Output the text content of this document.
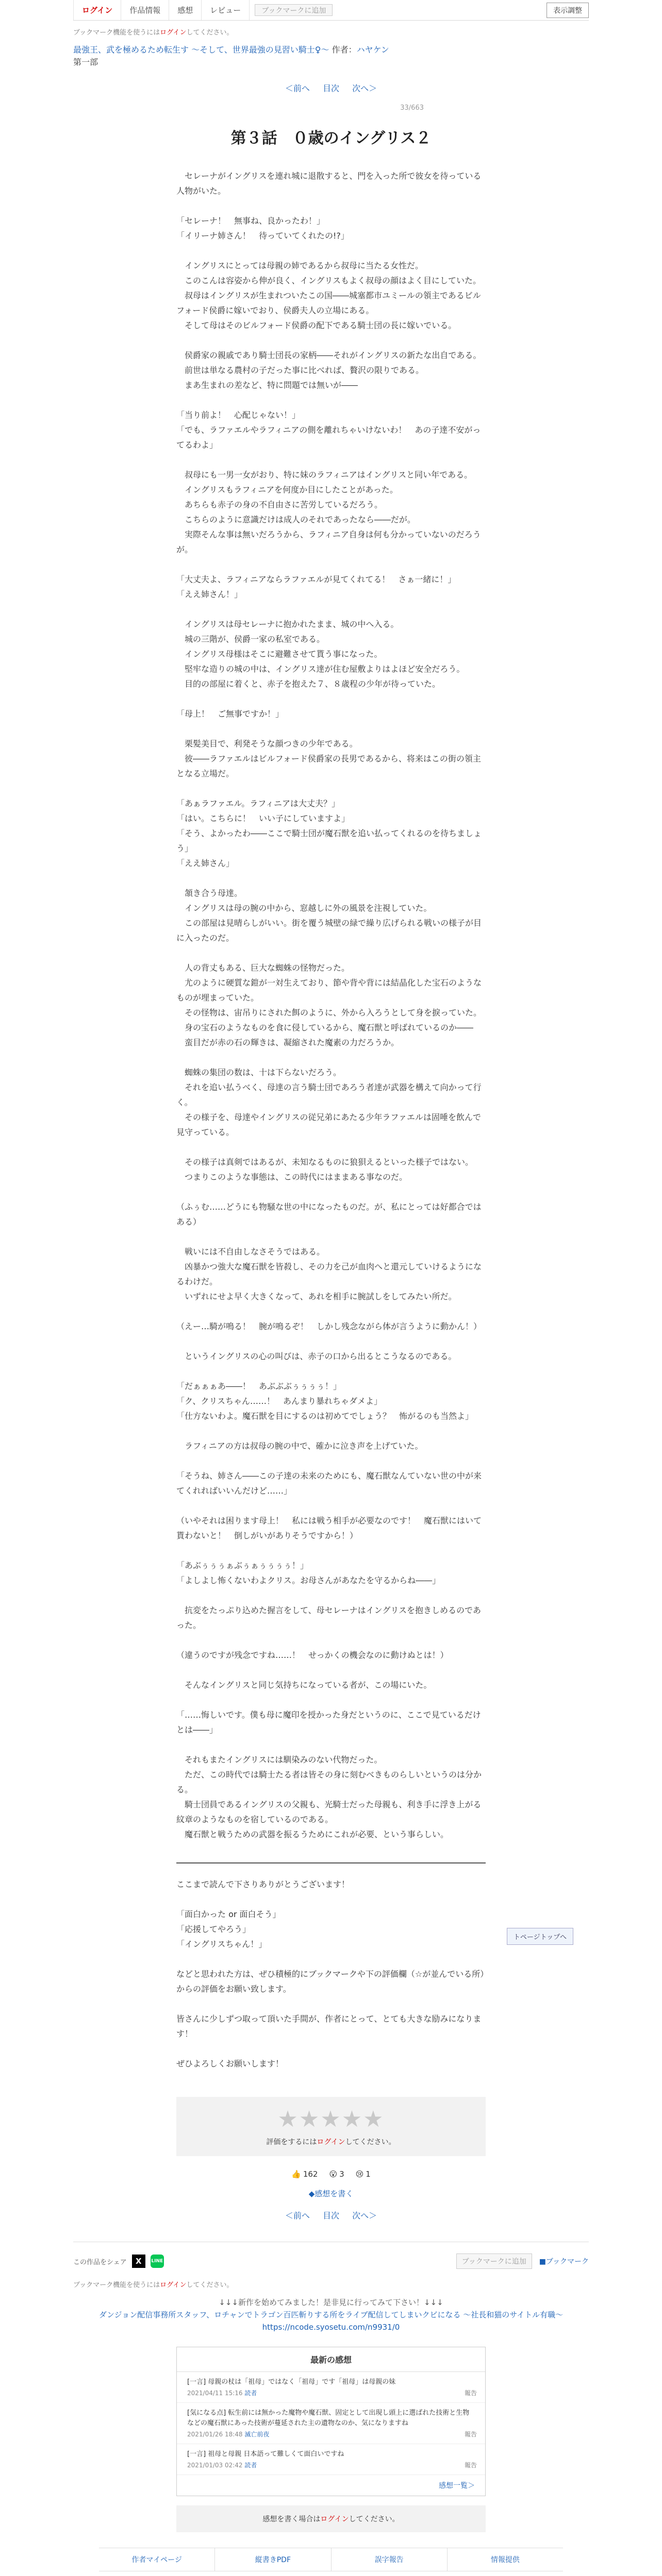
ログイン	作品情報	感想	レビュー	ブックマークに追加	表示調整

ブックマーク機能を使うにはログインしてください。

最強王、武を極めるため転生す ～そして、世界最強の見習い騎士♀～ 作者：ハヤケン
第一部
＜前へ 目次 次へ＞
33/663
第３話　０歳のイングリス２

　セレーナがイングリスを連れ城に退散すると、門を入った所で彼女を待っている人物がいた。

「セレーナ！　無事ね、良かったわ！」

「イリーナ姉さん！　待っていてくれたの!?」

　イングリスにとっては母親の姉であるから叔母に当たる女性だ。

　このこんは容姿から伸が良く、イングリスもよく叔母の顔はよく目にしていた。

　叔母はイングリスが生まれついたこの国――城塞都市ユミールの領主であるビルフォード侯爵に嫁いでおり、侯爵夫人の立場にある。

　そして母はそのビルフォード侯爵の配下である騎士団の長に嫁いでいる。

　侯爵家の親戚であり騎士団長の家柄――それがイングリスの新たな出自である。

　前世は単なる農村の子だった事に比べれば、贅沢の限りである。

　まあ生まれの差など、特に問題では無いが――

「当り前よ！　心配じゃない！」

「でも、ラファエルやラフィニアの側を離れちゃいけないわ！　あの子達不安がってるわよ」

　叔母にも一男一女がおり、特に妹のラフィニアはイングリスと同い年である。

　イングリスもラフィニアを何度か目にしたことがあった。

　あちらも赤子の身の不自由さに苦労しているだろう。

　こちらのように意識だけは成人のそれであったなら――だが。

　実際そんな事は無いだろうから、ラフィニア自身は何も分かっていないのだろうが。

「大丈夫よ、ラフィニアならラファエルが見てくれてる！　さぁ一緒に！」

「ええ姉さん！」

　イングリスは母セレーナに抱かれたまま、城の中へ入る。

　城の三階が、侯爵一家の私室である。

　イングリス母様はそこに避難させて貰う事になった。

　堅牢な造りの城の中は、イングリス達が住む屋敷よりはよほど安全だろう。

　目的の部屋に着くと、赤子を抱えた７、８歳程の少年が待っていた。

「母上！　ご無事ですか！」

　栗髪美目で、利発そうな顔つきの少年である。

　彼――ラファエルはビルフォード侯爵家の長男であるから、将来はこの街の領主となる立場だ。

「あぁラファエル。ラフィニアは大丈夫？」

「はい。こちらに！　いい子にしていますよ」

「そう、よかったわ――ここで騎士団が魔石獣を追い払ってくれるのを待ちましょう」

「ええ姉さん」

　頷き合う母達。

　イングリスは母の腕の中から、窓越しに外の風景を注視していた。

　この部屋は見晴らしがいい。街を覆う城壁の緑で繰り広げられる戦いの様子が目に入ったのだ。

　人の背丈もある、巨大な蜘蛛の怪物だった。

　尤のように硬質な鎧が一対生えており、節や背や背には結晶化した宝石のようなものが埋まっていた。

　その怪物は、宙吊りにされた餌のように、外から入ろうとして身を捩っていた。

　身の宝石のようなものを食に侵しているから、魔石獣と呼ばれているのか――

　蛮目だが赤の石の輝きは、凝縮された魔素の力だろうか。

　蜘蛛の集団の数は、十は下らないだろう。

　それを追い払うべく、母達の言う騎士団であろう者達が武器を構えて向かって行く。

　その様子を、母達やイングリスの従兄弟にあたる少年ラファエルは固唾を飲んで見守っている。

　その様子は真剣ではあるが、未知なるものに狼狽えるといった様子ではない。

　つまりこのような事態は、この時代にはままある事なのだ。

（ふぅむ……どうにも物騒な世の中になったものだ。が、私にとっては好都合ではある）

　戦いには不自由しなさそうではある。

　凶暴かつ強大な魔石獣を皆殺し、その力を己が血肉へと還元していけるようになるわけだ。

　いずれにせよ早く大きくなって、あれを相手に腕試しをしてみたい所だ。

（えー…騎が鳴る！　腕が鳴るぞ！　しかし残念ながら体が言うように動かん！）

　というイングリスの心の叫びは、赤子の口から出るとこうなるのである。

「だぁぁぁあ――！　あぶぶぶぅぅぅぅ！」

「ク、クリスちゃん……！　あんまり暴れちゃダメよ」

「仕方ないわよ。魔石獣を目にするのは初めてでしょう？　怖がるのも当然よ」

　ラフィニアの方は叔母の腕の中で、確かに泣き声を上げていた。

「そうね、姉さん――この子達の未来のためにも、魔石獣なんていない世の中が来てくれればいいんだけど……」

（いやそれは困ります母上！　私には戦う相手が必要なのです！　魔石獣にはいて貰わないと！　倒しがいがありそうですから！）

「あぶぅぅぅぁぶぅぁぅぅぅぅ！」

「よしよし怖くないわよクリス。お母さんがあなたを守るからね――」

　抗変をたっぷり込めた握言をして、母セレーナはイングリスを抱きしめるのであった。

（違うのですが残念ですね……！　せっかくの機会なのに動けぬとは！）

　そんなイングリスと同じ気持ちになっている者が、この場にいた。

「……悔しいです。僕も母に魔印を授かった身だというのに、ここで見ているだけとは――」

　それもまたイングリスには馴染みのない代物だった。

　ただ、この時代では騎士たる者は皆その身に刻むべきものらしいというのは分かる。

　騎士団員であるイングリスの父親も、光騎士だった母親も、利き手に浮き上がる紋章のようなものを宿しているのである。

　魔石獣と戦うための武器を振るうためにこれが必要、という事らしい。

ここまで読んで下さりありがとうございます！

「面白かった or 面白そう」

「応援してやろう」

「イングリスちゃん！」

などと思われた方は、ぜひ積極的にブックマークや下の評価欄（☆が並んでいる所）からの評価をお願い致します。

皆さんに少しずつ取って頂いた手間が、作者にとって、とても大きな励みになります！

ぜひよろしくお願いします！

★★★★★
評価をするにはログインしてください。
👍 162 😮 3 😢 1
◆感想を書く
＜前へ 目次 次へ＞
トページトップへ
この作品をシェア	X	LINE	ブックマークに追加	■ブックマーク

ブックマーク機能を使うにはログインしてください。

↓↓↓新作を始めてみました！是非見に行ってみて下さい！↓↓↓
ダンジョン配信事務所スタッフ、ロチャンでトラゴン百匹斬りする所をライブ配信してしまいクビになる ～社長和猫のサイトル有職～
https://ncode.syosetu.com/n9931/0
最新の感想
[一言] 母親の杖は「祖母」ではなく「祖母」です「祖母」は母親の妹
2021/04/11 15:16 読者	報告
[気になる点] 転生前には無かった魔物や魔石獣、固定として出現し頭上に選ばれた技術と生物などの魔石獣にあった技術が蔓延された主の遺物なのか、気になりますね
2021/01/26 18:48 滅亡前夜	報告
[一言] 祖母と母親 日本語って難しくて面白いですね
2021/01/03 02:42 読者	報告
感想一覧＞
感想を書く場合はログインしてください。
作者マイページ	縦書きPDF	誤字報告	情報提供
